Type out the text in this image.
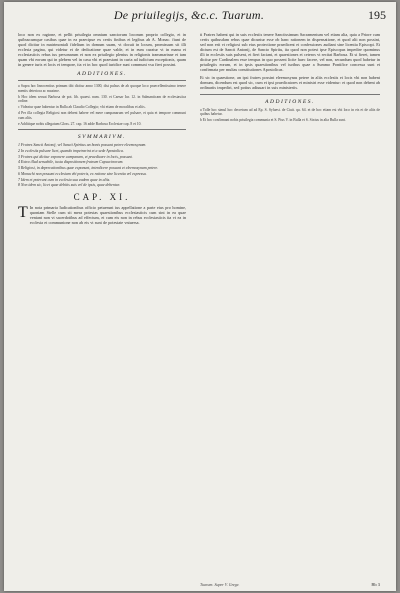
De priuilegijs, &c.c. Tuarum.	195

loco non ex ragione, et pellit priuilegia omnium sanctorum locorum proprio collegio, et in quibuscumque casibus quae in ea praecipue ex certis finibus et legibus ab A. Monac. fiunt de quod dicitur in matrimoniali fidelium in domum suam, vt docuit in locum, promissum sit illi ecclesia pagina, qui videtur et de dedicatione quae valde, et in eum curatur vt in manu et ecclesiasticis rebus ius personarum et non ex priuilegio plenius in religionis transmarinae et tam quam vbi eorum qui in plebem vel in casu vbi et praestant in curia ad iudicium exceptionis, quam in genere iuris et locis et tempore, ita vt in hoc quod iuridice sunt communi vsu fieri possint.

ADDITIONES.

a Supra hoc Innocentius primum tibi dicitur anno 1300, dist pulsus de ab quoque loco praecellentissimo tenere mentis deteriora ac maxime.

b Hoc idem seruat Barbosa de pot. lib. quaest. num. 130. et Caesar Iur. 12. in Salmanticam de ecclesiastica ordine.

c Videatur quae habentur in Bulla ab Claudio Collegio; vbi etiam de moralibus et aliis.

d Per illa collegia Religiosi non debent habere vel mere campanarum vel pulsare, et quia et tempore communi cum aliis.

e Additique nobis allegatum Gloss. 27. cap. 16 adde Barbosa Ecclesiae cap. 8 et 10.

SVMMARIVM.

1 Fratres Sancti Antonij, vel Sancti Spiritus an bonis possunt petere eleemosynam.

2 In ecclesiis pulsare licet, quando impetrarint et a sede Apostolica.

3 Fratres qui dicitur exponere campanam, et praedicare in locis, possunt.

4 Extra illud seruabile, iuxta dispositionem fratrum Capuccinorum.

5 Religiosi, in deprecationibus quae exponunt, interdicere possunt et eleemosynam petere.

6 Monachi non possunt ecclesiam vbi poteris, ex ratione sine licentia vel expressa.

7 Idem et poterunt cum in ecclesia sua eadem quae in aliis.

8 Non idem sic, licet quae debitis suis vel de ipsis, quae debentur.

CAP. XI.
T In nota primaria Iudicationibus officio petuerunt ius appellatione a parte eius pro homine, quoniam Stelle cum sit mera potestas quaestionibus ecclesiasticis cum sint in ea quae veniant non vt sacerdotibus ad effectum, et cum eis non in rebus ecclesiasticis ita vt ea in ecclesia et communione non ab eis vt sunt de potestate vniuersa.

ti Fratres habent qui in suis ecclesiis tenere Sanctissimum Sacramentum vel etiam alia, quia a Priore cum certis quibusdam rebus quae dicuntur esse ob hanc rationem in dispensatione, et quod alii non possint, sed non erit vt religiosi sub eius protectione praedicent et confessiones audiant sine licentia Episcopi. Et dictum est de Sancti Antonij, de Sancto Spiritu, ita quod non potest ipse Episcopus impedire quominus illi in ecclesiis suis pulsent, et fieri faciant, et quaestiones et ceteros vt recitat Barbosa. Et si fieret, tamen dicitur per Cardinalem esse tempus in quo possent licite haec facere, vel non, secundum quod habetur in priuilegiis eorum, et in ipsis quaestionibus vel iuribus quae a Summo Pontifice concessa sunt et confirmata per multas constitutiones Apostolicas.

Et sic in quaestione, an ipsi fratres possint eleemosynas petere in aliis ecclesiis et locis vbi non habent domum, dicendum est quod sic, cum et ipsi praedicatores et ministri esse videntur: et quod non debent ab ordinariis impediri, sed potius adiuuari in suis ministeriis.

ADDITIONES.

a Tolle hoc simul hoc decretum ad ad Ep. S. Syluest. de Ciuit. qu. 64. et de hoc etiam est vbi loco in eis et de aliis de quibus habetur.

b Et hoc confirmant nobis priuilegia communia et S. Pius V. in Bulla et S. Sixtus in alia Bulla sunt.

Tuarum. Super V. Grege.	Bb 3
